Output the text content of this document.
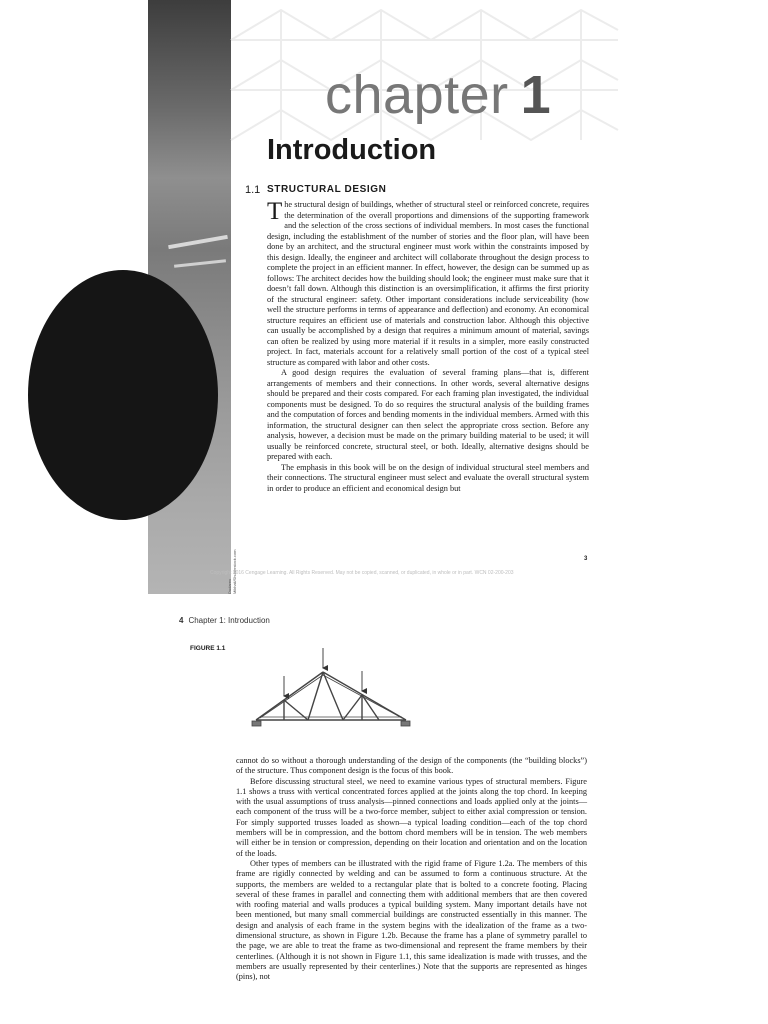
Dudarev Mikhail/Shutterstock.com
chapter 1
Introduction
1.1 STRUCTURAL DESIGN

The structural design of buildings, whether of structural steel or reinforced concrete, requires the determination of the overall proportions and dimensions of the supporting framework and the selection of the cross sections of individual members. In most cases the functional design, including the establishment of the number of stories and the floor plan, will have been done by an architect, and the structural engineer must work within the constraints imposed by this design. Ideally, the engineer and architect will collaborate throughout the design process to complete the project in an efficient manner. In effect, however, the design can be summed up as follows: The architect decides how the building should look; the engineer must make sure that it doesn’t fall down. Although this distinction is an oversimplification, it affirms the first priority of the structural engineer: safety. Other important considerations include serviceability (how well the structure performs in terms of appearance and deflection) and economy. An economical structure requires an efficient use of materials and construction labor. Although this objective can usually be accomplished by a design that requires a minimum amount of material, savings can often be realized by using more material if it results in a simpler, more easily constructed project. In fact, materials account for a relatively small portion of the cost of a typical steel structure as compared with labor and other costs.

A good design requires the evaluation of several framing plans—that is, different arrangements of members and their connections. In other words, several alternative designs should be prepared and their costs compared. For each framing plan investigated, the individual components must be designed. To do so requires the structural analysis of the building frames and the computation of forces and bending moments in the individual members. Armed with this information, the structural designer can then select the appropriate cross section. Before any analysis, however, a decision must be made on the primary building material to be used; it will usually be reinforced concrete, structural steel, or both. Ideally, alternative designs should be prepared with each.

The emphasis in this book will be on the design of individual structural steel members and their connections. The structural engineer must select and evaluate the overall structural system in order to produce an efficient and economical design but

3
Copyright 2016 Cengage Learning. All Rights Reserved. May not be copied, scanned, or duplicated, in whole or in part. WCN 02-200-203
4 Chapter 1: Introduction
FIGURE 1.1

cannot do so without a thorough understanding of the design of the components (the “building blocks”) of the structure. Thus component design is the focus of this book.

Before discussing structural steel, we need to examine various types of structural members. Figure 1.1 shows a truss with vertical concentrated forces applied at the joints along the top chord. In keeping with the usual assumptions of truss analysis—pinned connections and loads applied only at the joints—each component of the truss will be a two-force member, subject to either axial compression or tension. For simply supported trusses loaded as shown—a typical loading condition—each of the top chord members will be in compression, and the bottom chord members will be in tension. The web members will either be in tension or compression, depending on their location and orientation and on the location of the loads.

Other types of members can be illustrated with the rigid frame of Figure 1.2a. The members of this frame are rigidly connected by welding and can be assumed to form a continuous structure. At the supports, the members are welded to a rectangular plate that is bolted to a concrete footing. Placing several of these frames in parallel and connecting them with additional members that are then covered with roofing material and walls produces a typical building system. Many important details have not been mentioned, but many small commercial buildings are constructed essentially in this manner. The design and analysis of each frame in the system begins with the idealization of the frame as a two-dimensional structure, as shown in Figure 1.2b. Because the frame has a plane of symmetry parallel to the page, we are able to treat the frame as two-dimensional and represent the frame members by their centerlines. (Although it is not shown in Figure 1.1, this same idealization is made with trusses, and the members are usually represented by their centerlines.) Note that the supports are represented as hinges (pins), not
